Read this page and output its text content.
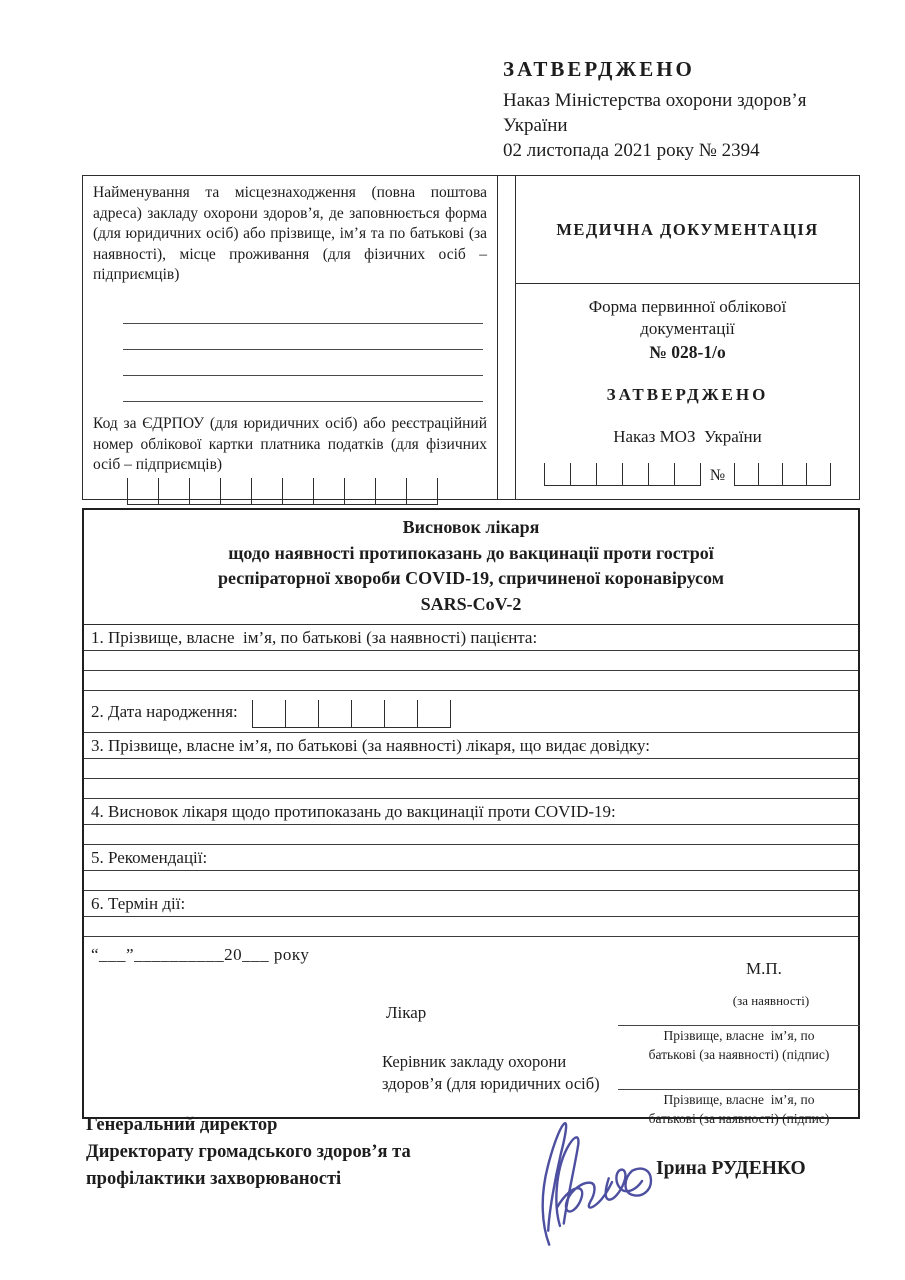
ЗАТВЕРДЖЕНО
Наказ Міністерства охорони здоров’я
України
02 листопада 2021 року № 2394
Найменування та місцезнаходження (повна поштова адреса) закладу охорони здоров’я, де заповнюється форма (для юридичних осіб) або прізвище, ім’я та по батькові (за наявності), місце проживання (для фізичних осіб – підприємців)
Код за ЄДРПОУ (для юридичних осіб) або реєстраційний номер облікової картки платника податків (для фізичних осіб – підприємців)
МЕДИЧНА ДОКУМЕНТАЦІЯ
Форма первинної облікової
документації
№ 028-1/о
ЗАТВЕРДЖЕНО
Наказ МОЗ  України
№
Висновок лікаря
щодо наявності протипоказань до вакцинації проти гострої
респіраторної хвороби COVID-19, спричиненої коронавірусом
SARS-CoV-2
1. Прізвище, власне  ім’я, по батькові (за наявності) пацієнта:
2. Дата народження:
3. Прізвище, власне ім’я, по батькові (за наявності) лікаря, що видає довідку:
4. Висновок лікаря щодо протипоказань до вакцинації проти COVID-19:
5. Рекомендації:
6. Термін дії:
“___”__________20___ року
М.П.
(за наявності)
Лікар
Прізвище, власне  ім’я, по
батькові (за наявності) (підпис)
Керівник закладу охорони
здоров’я (для юридичних осіб)
Прізвище, власне  ім’я, по
батькові (за наявності) (підпис)
Генеральний директор
Директорату громадського здоров’я та
профілактики захворюваності	Ірина РУДЕНКО
